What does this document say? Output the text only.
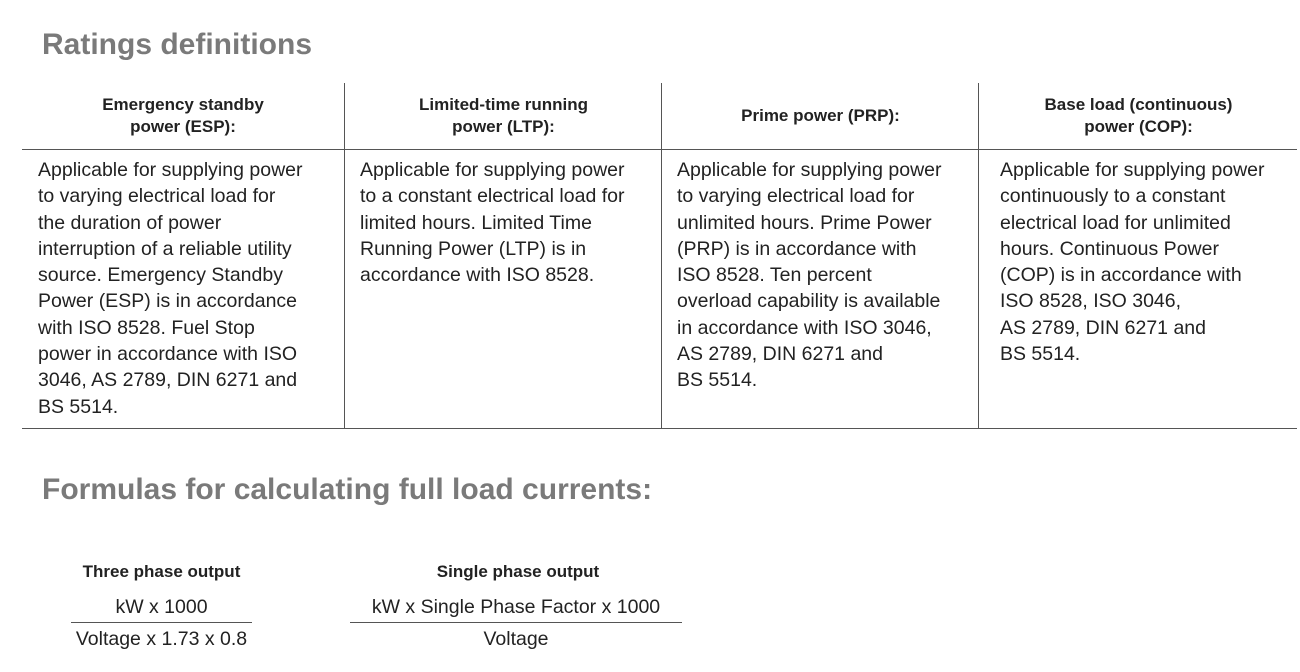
Ratings definitions
Emergency standby
power (ESP):
Applicable for supplying power
to varying electrical load for
the duration of power
interruption of a reliable utility
source. Emergency Standby
Power (ESP) is in accordance
with ISO 8528. Fuel Stop
power in accordance with ISO
3046, AS 2789, DIN 6271 and
BS 5514.
Limited-time running
power (LTP):
Applicable for supplying power
to a constant electrical load for
limited hours. Limited Time
Running Power (LTP) is in
accordance with ISO 8528.
Prime power (PRP):
Applicable for supplying power
to varying electrical load for
unlimited hours. Prime Power
(PRP) is in accordance with
ISO 8528. Ten percent
overload capability is available
in accordance with ISO 3046,
AS 2789, DIN 6271 and
BS 5514.
Base load (continuous)
power (COP):
Applicable for supplying power
continuously to a constant
electrical load for unlimited
hours. Continuous Power
(COP) is in accordance with
ISO 8528, ISO 3046,
AS 2789, DIN 6271 and
BS 5514.
Formulas for calculating full load currents:
Three phase output
kW x 1000
Voltage x 1.73 x 0.8
Single phase output
kW x Single Phase Factor x 1000
Voltage
